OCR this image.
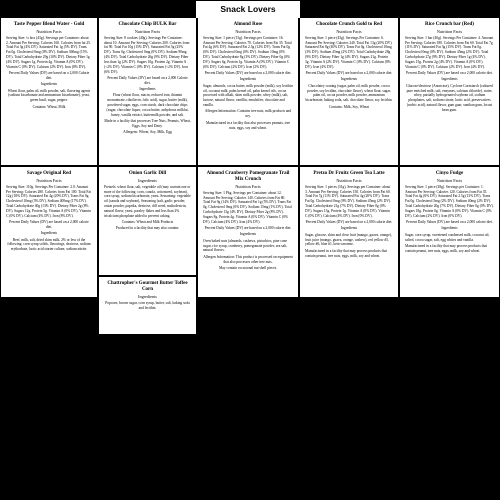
Snack Lovers
Taste Pepper Blend Water - Gold
Nutrition Facts

Serving Size: ¼ box (43g). Servings per Container: about 2. Amount Per Serving: Calories 160. Calories from fat 25. Total Fat 3g (4% DV). Saturated Fat 1g (5% DV). Trans Fat 0g. Cholesterol 0mg (0% DV). Sodium 360mg (15% DV). Total Carbohydrate 29g (10% DV). Dietary Fiber 1g (4% DV). Sugars 1g. Protein 4g. Vitamin A (0% DV). Vitamin C (0% DV). Calcium (2% DV). Iron (8% DV).

Percent Daily Values (DV) are based on a 2,000 Calorie diet.

Ingredients

Wheat flour, palm oil, milk powder, salt, flavoring agents (sodium bicarbonate and ammonium bicarbonate), yeast, green basil, sugar, pepper.

Contains: Wheat, Milk

Chocolate Chip BULK Bar
Nutrition Facts

Serving Size: 8 cookies (40g). Servings Per Container: about 10. Amount Per Serving: Calories 200. Calories from fat 90. Total Fat 10g (15% DV). Saturated Fat 5g (25% DV). Trans 0g. Cholesterol 0mg (0% DV). Sodium 90mg (4% DV). Total Carbohydrate 26g (9% DV). Dietary Fiber less than 1g (2% DV). Sugars 10g. Protein 2g. Vitamin A (<2% DV). Vitamin C (0% DV). Calcium (<2% DV). Iron (6% DV).

Percent Daily Values (DV) are based on a 2,000 Calorie diet.

Ingredients

Flour (wheat flour, niacin, reduced iron, thiamin mononitrate, riboflavin, folic acid), sugar, butter (milk), powdered sugar, eggs, corn starch, dark chocolate chips (sugar, chocolate liquor, cocoa butter, anhydrous milkfat, honey, vanilla extract, buttermilk powder, and salt.

Made in a facility that processes Tree Nuts, Peanuts, Wheat, Eggs, Soy and Dairy.

Allergens: Wheat, Soy, Milk, Egg

Almond Rose
Nutrition Facts

Serving Size: 1 piece (15g). Servings per Container: 16. Amount Per Serving: Calories 70. Calories from Fat 35. Total Fat 4g (6% DV). Saturated Fat 2.5g (12% DV). Trans Fat 0g (0% DV). Cholesterol 0mg (0% DV). Sodium 10mg (0% DV). Total Carbohydrate 8g (3% DV). Dietary Fiber 0g (0% DV). Sugars 6g. Protein 1g. Vitamin A (0% DV). Vitamin C (0% DV). Calcium (2% DV). Iron (2% DV).

Percent Daily Values (DV) are based on a 2,000 calorie diet.

Ingredients

Sugar, almonds, cocoa butter, milk powder (milk), soy lecithin oil, coconut milk, palm kernel oil, palm kernel oils, cocoa processed with alkali, skim milk powder, whey (milk), salt, lactose, natural flavor, vanillin, emulsifier, chocolate and vanilla.

Allergen Information: Contains tree nuts, milk products and soy.

Manufactured in a facility that also processes peanuts, tree nuts, eggs, soy and wheat.

Chocolate Crunch Gold to Red
Nutrition Facts

Serving Size: 1 piece (45g). Servings Per Container: 6. Amount Per Serving: Calories 240. Total Fat 13g (20% DV). Saturated Fat 8g (40% DV). Trans Fat 0g. Cholesterol 10mg (3% DV). Sodium 45mg (2% DV). Total Carbohydrate 28g (9% DV). Dietary Fiber 1g (4% DV). Sugars 21g. Protein 3g. Vitamin A (2% DV). Vitamin C (0% DV). Calcium (8% DV). Iron (4% DV).

Percent Daily Values (DV) are based on a 2,000 calorie diet.

Ingredients

Chocolatey coating (sugar, palm oil, milk powder, cocoa powder, soy lecithin, chocolate flavor), wheat flour, sugar, palm oil, cocoa powder, milk powder, ammonium bicarbonate, baking soda, salt, chocolate flavor, soy lecithin.

Contains: Milk, Soy, Wheat

Rice Crunch bar (Red)
Nutrition Facts

Serving Size: 1 bar (40g). Servings Per Container: 4. Amount Per Serving: Calories 180. Calories from Fat 60. Total Fat 7g (11% DV). Saturated Fat 3g (15% DV). Trans Fat 0g. Cholesterol 0mg (0% DV). Sodium 45mg (2% DV). Total Carbohydrate 27g (9% DV). Dietary Fiber 1g (4% DV). Sugars 15g. Protein 2g (4% DV). Vitamin A (0% DV). Vitamin C (0% DV). Calcium (2% DV). Iron (4% DV).

Percent Daily Values (DV) are based on a 2,000 calorie diet.

Ingredients

Glucose/dextrose (Anoncase), Cyclone Cornstarch (cultured pure enriched milk, salt, enzymes, calcium chloride), water, whey, partially hydrogenated soybean oil, sodium phosphates, salt, sodium citrate, lactic acid, preservatives (sorbic acid), natural flavor, gum guar, xanthan gum, locust bean gum.

Savage Original Red
Nutrition Facts

Serving Size: 110g. Servings Per Container: 2.0. Amount Per Serving: Calories 280. Calories from Fat 100. Total Fat 12g (18% DV). Saturated Fat 4g (20% DV). Trans Fat 0g. Cholesterol 10mg (3% DV). Sodium 400mg (17% DV). Total Carbohydrate 40g (13% DV). Dietary Fiber 2g (8% DV). Sugars 12g. Protein 5g. Vitamin A (0% DV). Vitamin C (0% DV). Calcium (4% DV). Iron (8% DV).

Percent Daily Values (DV) are based on a 2,000 calorie diet.

Ingredients

Beef, milk, salt, dried skim milk, 2% or less of the following: corn syrup solids, flavorings, dextrose, sodium erythorbate, lactic acid starter culture, sodium nitrite.

Onion Garlic Dill
Ingredients

Pretzels: wheat flour, salt, vegetable oil (may contain one or more of the following: corn, canola, cottonseed, soybean), corn syrup, sodium bicarbonate, yeast. Seasoning: vegetable oil (canola and soybean), Seasoning (salt, garlic powder, onion powder, paprika, dextrose, dill weed, maltodextrin, natural flavor, yeast, parsley flakes and less than 2% tricalcium phosphate added to prevent caking.

Contains: Wheat and Milk Products

Produced in a facility that may also contain:

Almond Cranberry Pomegranate Trail Mix Crunch
Nutrition Facts

Serving Size: 1 Pkg. Servings per Container: about 12. Amount Per Serving: Calories 140. Calories from Fat 80. Total Fat 9g (14% DV). Saturated Fat 1g (5% DV). Trans Fat 0g. Cholesterol 0mg (0% DV). Sodium 15mg (1% DV). Total Carbohydrate 13g (4% DV). Dietary Fiber 2g (8% DV). Sugars 8g. Protein 4g. Vitamin A (0% DV). Vitamin C (0% DV). Calcium (4% DV). Iron (4% DV).

Percent Daily Values (DV) are based on a 2,000 calorie diet.

Ingredients

Oven baked nuts (almonds, cashews, pistachios, pine cone sugar, rice syrup, cranberry, pomegranate powder, sea salt, natural flavors.

Allergen Information: This product is processed on equipment that also processes other tree nuts.

May contain occasional nut shell pieces.

Pretzo Dr Fruitz Green Tea Latte
Nutrition Facts

Serving Size: 1 pieces (31g). Servings per Container: about 3. Amount Per Serving: Calories 150. Calories from Fat 60. Total Fat 7g (11% DV). Saturated Fat 4g (20% DV). Trans Fat 0g. Cholesterol 0mg (0% DV). Sodium 45mg (2% DV). Total Carbohydrate 21g (7% DV). Dietary Fiber 0g (0% DV). Sugars 13g. Protein 1g. Vitamin A (0% DV). Vitamin C (0% DV). Calcium (4% DV). Iron (0% DV).

Percent Daily Values (DV) are based on a 2,000 calorie diet.

Ingredients

Sugar, glucose, skim and clear fruit (mango, guava, orange), fruit juice (mango, guava, orange, cashew), red yellow #5, yellow #6, blue #1, beta-carotene.

Manufactured in a facility that may process products that contain peanut, tree nuts, eggs, milk, soy and wheat.

Cinyo Fudge
Nutrition Facts

Serving Size: 1 piece (28g). Servings per Container: 1. Amount Per Serving: Calories 120. Calories from Fat 35. Total Fat 4g (6% DV). Saturated Fat 2.5g (13% DV). Trans Fat 0g. Cholesterol 5mg (2% DV). Sodium 40mg (2% DV). Total Carbohydrate 20g (7% DV). Dietary Fiber 0g (0% DV). Sugars 18g. Protein 0g. Vitamin A (0% DV). Vitamin C (0% DV). Calcium (2% DV). Iron (0% DV).

Percent Daily Values (DV) are based on a 2,000 calorie diet.

Ingredients

Sugar, corn syrup, sweetened condensed milk, coconut oil, salted, cocoa sugar, salt, egg whites and vanilla.

Manufactured in a facility that may process products that contain peanut, tree nuts, eggs, milk, soy and wheat.

Chattropher's Gourmet Butter Toffee Corn
Ingredients

Popcorn, brown sugar, corn syrup, butter, salt, baking soda and lecithin.
